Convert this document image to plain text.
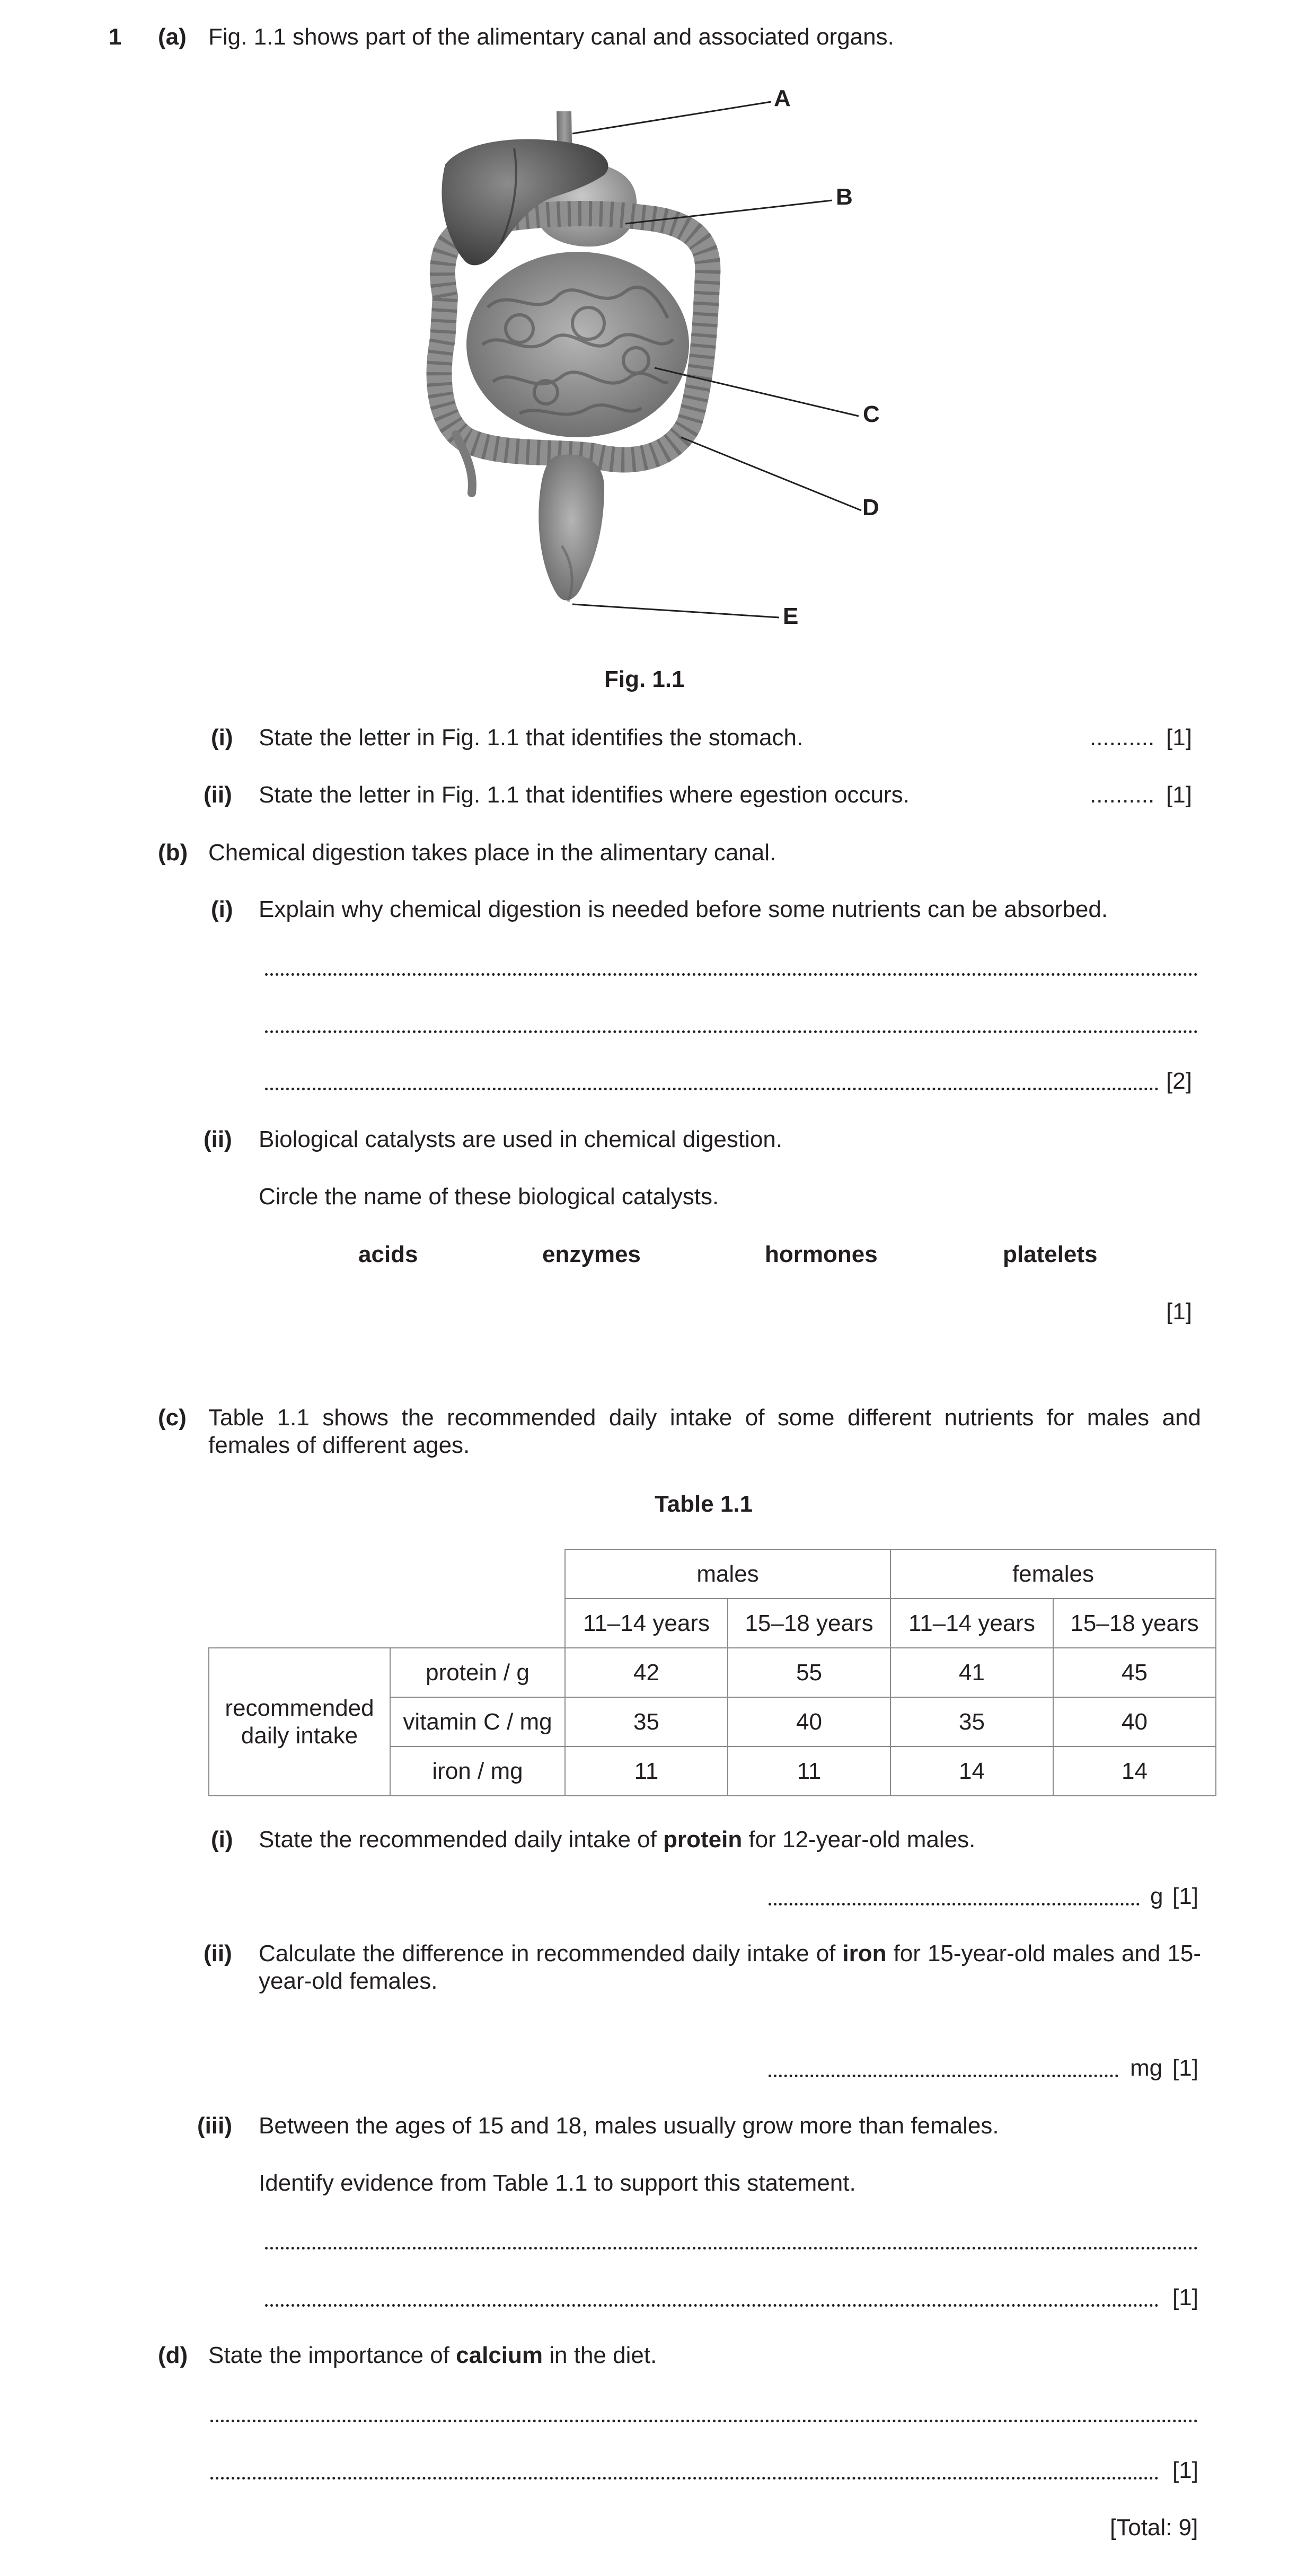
1 (a) Fig. 1.1 shows part of the alimentary canal and associated organs.
A
B
C
D
E
Fig. 1.1
(i) State the letter in Fig. 1.1 that identifies the stomach.	.......... [1]
(ii) State the letter in Fig. 1.1 that identifies where egestion occurs.	.......... [1]
(b) Chemical digestion takes place in the alimentary canal.
(i) Explain why chemical digestion is needed before some nutrients can be absorbed.
[2]
(ii) Biological catalysts are used in chemical digestion.
Circle the name of these biological catalysts.
acids	enzymes	hormones	platelets
[1]
(c) Table 1.1 shows the recommended daily intake of some different nutrients for males and females of different ages.
Table 1.1
		males		females	
		11–14 years	15–18 years	11–14 years	15–18 years
recommended daily intake	protein / g	42	55	41	45
	vitamin C / mg	35	40	35	40
	iron / mg	11	11	14	14
(i) State the recommended daily intake of protein for 12-year-old males.
g [1]
(ii) Calculate the difference in recommended daily intake of iron for 15-year-old males and 15-year-old females.
mg [1]
(iii) Between the ages of 15 and 18, males usually grow more than females.
Identify evidence from Table 1.1 to support this statement.
[1]
(d) State the importance of calcium in the diet.
[1]
[Total: 9]
